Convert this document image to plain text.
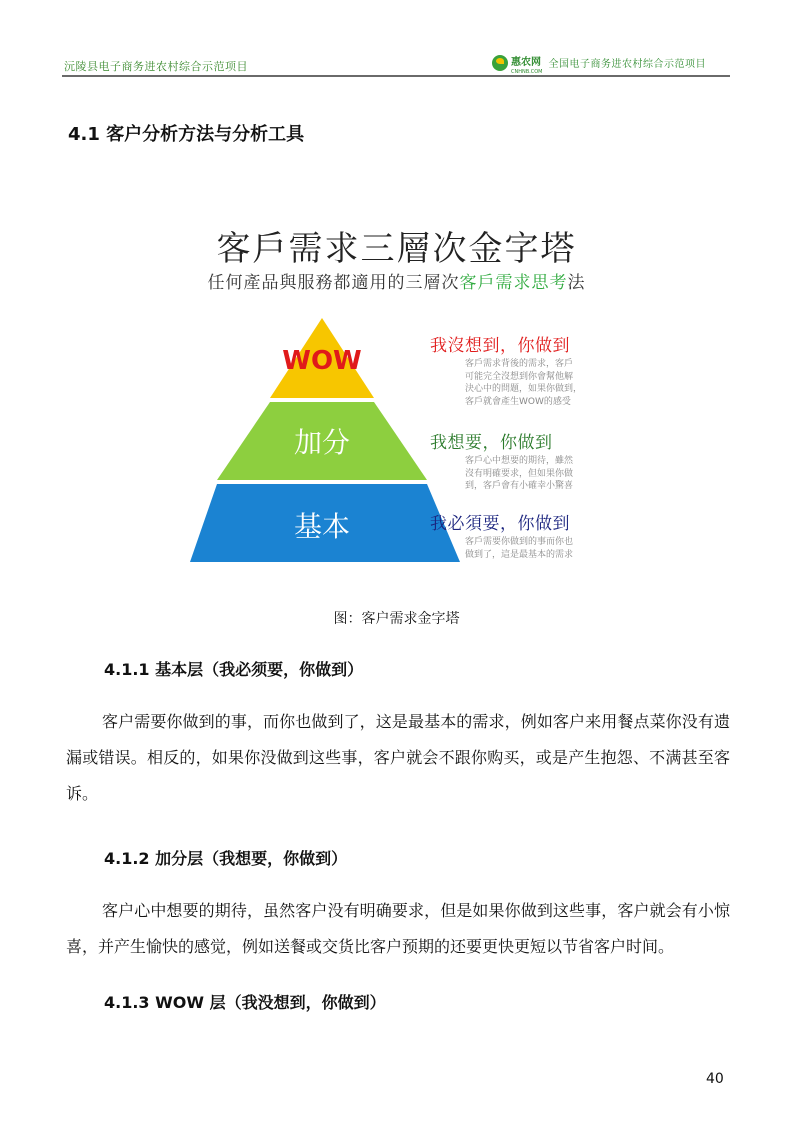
沅陵县电子商务进农村综合示范项目	惠农网
CNHNB.COM
全国电子商务进农村综合示范项目
4.1 客户分析方法与分析工具
客戶需求三層次金字塔
任何產品與服務都適用的三層次客戶需求思考法
WOW
加分
基本
我沒想到，你做到
客戶需求背後的需求，客戶
可能完全沒想到你會幫他解
決心中的問題，如果你做到，
客戶就會產生WOW的感受
我想要，你做到
客戶心中想要的期待，雖然
沒有明確要求，但如果你做
到，客戶會有小確幸小驚喜
我必須要，你做到
客戶需要你做到的事而你也
做到了，這是最基本的需求
图：客户需求金字塔
4.1.1 基本层（我必须要，你做到）
客户需要你做到的事，而你也做到了，这是最基本的需求，例如客户来用餐点菜你没有遗漏或错误。相反的，如果你没做到这些事，客户就会不跟你购买，或是产生抱怨、不满甚至客诉。
4.1.2 加分层（我想要，你做到）
客户心中想要的期待，虽然客户没有明确要求，但是如果你做到这些事，客户就会有小惊喜，并产生愉快的感觉，例如送餐或交货比客户预期的还要更快更短以节省客户时间。
4.1.3 WOW 层（我没想到，你做到）
40
